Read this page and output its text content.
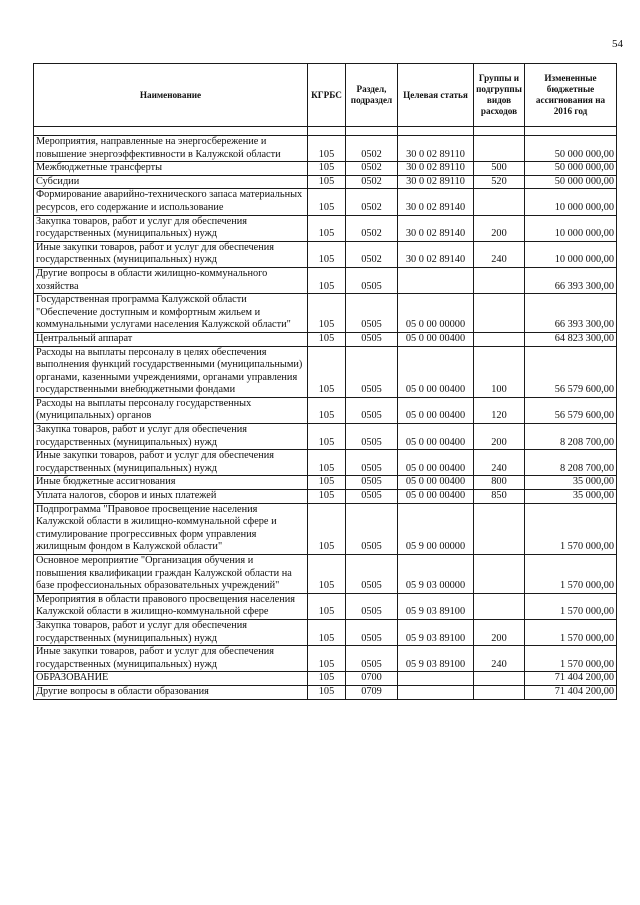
54
Наименование	КГРБС	Раздел, подраздел	Целевая статья	Группы и подгруппы видов расходов	Измененные бюджетные ассигнования на 2016 год

Мероприятия, направленные на энергосбережение и повышение энергоэффективности в Калужской области	105	0502	30 0 02 89110		50 000 000,00
Межбюджетные трансферты	105	0502	30 0 02 89110	500	50 000 000,00
Субсидии	105	0502	30 0 02 89110	520	50 000 000,00
Формирование аварийно-технического запаса материальных ресурсов, его содержание и использование	105	0502	30 0 02 89140		10 000 000,00
Закупка товаров, работ и услуг для обеспечения государственных (муниципальных) нужд	105	0502	30 0 02 89140	200	10 000 000,00
Иные закупки товаров, работ и услуг для обеспечения государственных (муниципальных) нужд	105	0502	30 0 02 89140	240	10 000 000,00
Другие вопросы в области жилищно-коммунального хозяйства	105	0505			66 393 300,00
Государственная программа Калужской области "Обеспечение доступным и комфортным жильем и коммунальными услугами населения Калужской области"	105	0505	05 0 00 00000		66 393 300,00
Центральный аппарат	105	0505	05 0 00 00400		64 823 300,00
Расходы на выплаты персоналу в целях обеспечения выполнения функций государственными (муниципальными) органами, казенными учреждениями, органами управления государственными внебюджетными фондами	105	0505	05 0 00 00400	100	56 579 600,00
Расходы на выплаты персоналу государственных (муниципальных) органов	105	0505	05 0 00 00400	120	56 579 600,00
Закупка товаров, работ и услуг для обеспечения государственных (муниципальных) нужд	105	0505	05 0 00 00400	200	8 208 700,00
Иные закупки товаров, работ и услуг для обеспечения государственных (муниципальных) нужд	105	0505	05 0 00 00400	240	8 208 700,00
Иные бюджетные ассигнования	105	0505	05 0 00 00400	800	35 000,00
Уплата налогов, сборов и иных платежей	105	0505	05 0 00 00400	850	35 000,00
Подпрограмма "Правовое просвещение населения Калужской области в жилищно-коммунальной сфере и стимулирование прогрессивных форм управления жилищным фондом в Калужской области"	105	0505	05 9 00 00000		1 570 000,00
Основное мероприятие "Организация обучения и повышения квалификации граждан Калужской области на базе профессиональных образовательных учреждений"	105	0505	05 9 03 00000		1 570 000,00
Мероприятия в области правового просвещения населения Калужской области в жилищно-коммунальной сфере	105	0505	05 9 03 89100		1 570 000,00
Закупка товаров, работ и услуг для обеспечения государственных (муниципальных) нужд	105	0505	05 9 03 89100	200	1 570 000,00
Иные закупки товаров, работ и услуг для обеспечения государственных (муниципальных) нужд	105	0505	05 9 03 89100	240	1 570 000,00
ОБРАЗОВАНИЕ	105	0700			71 404 200,00
Другие вопросы в области образования	105	0709			71 404 200,00
